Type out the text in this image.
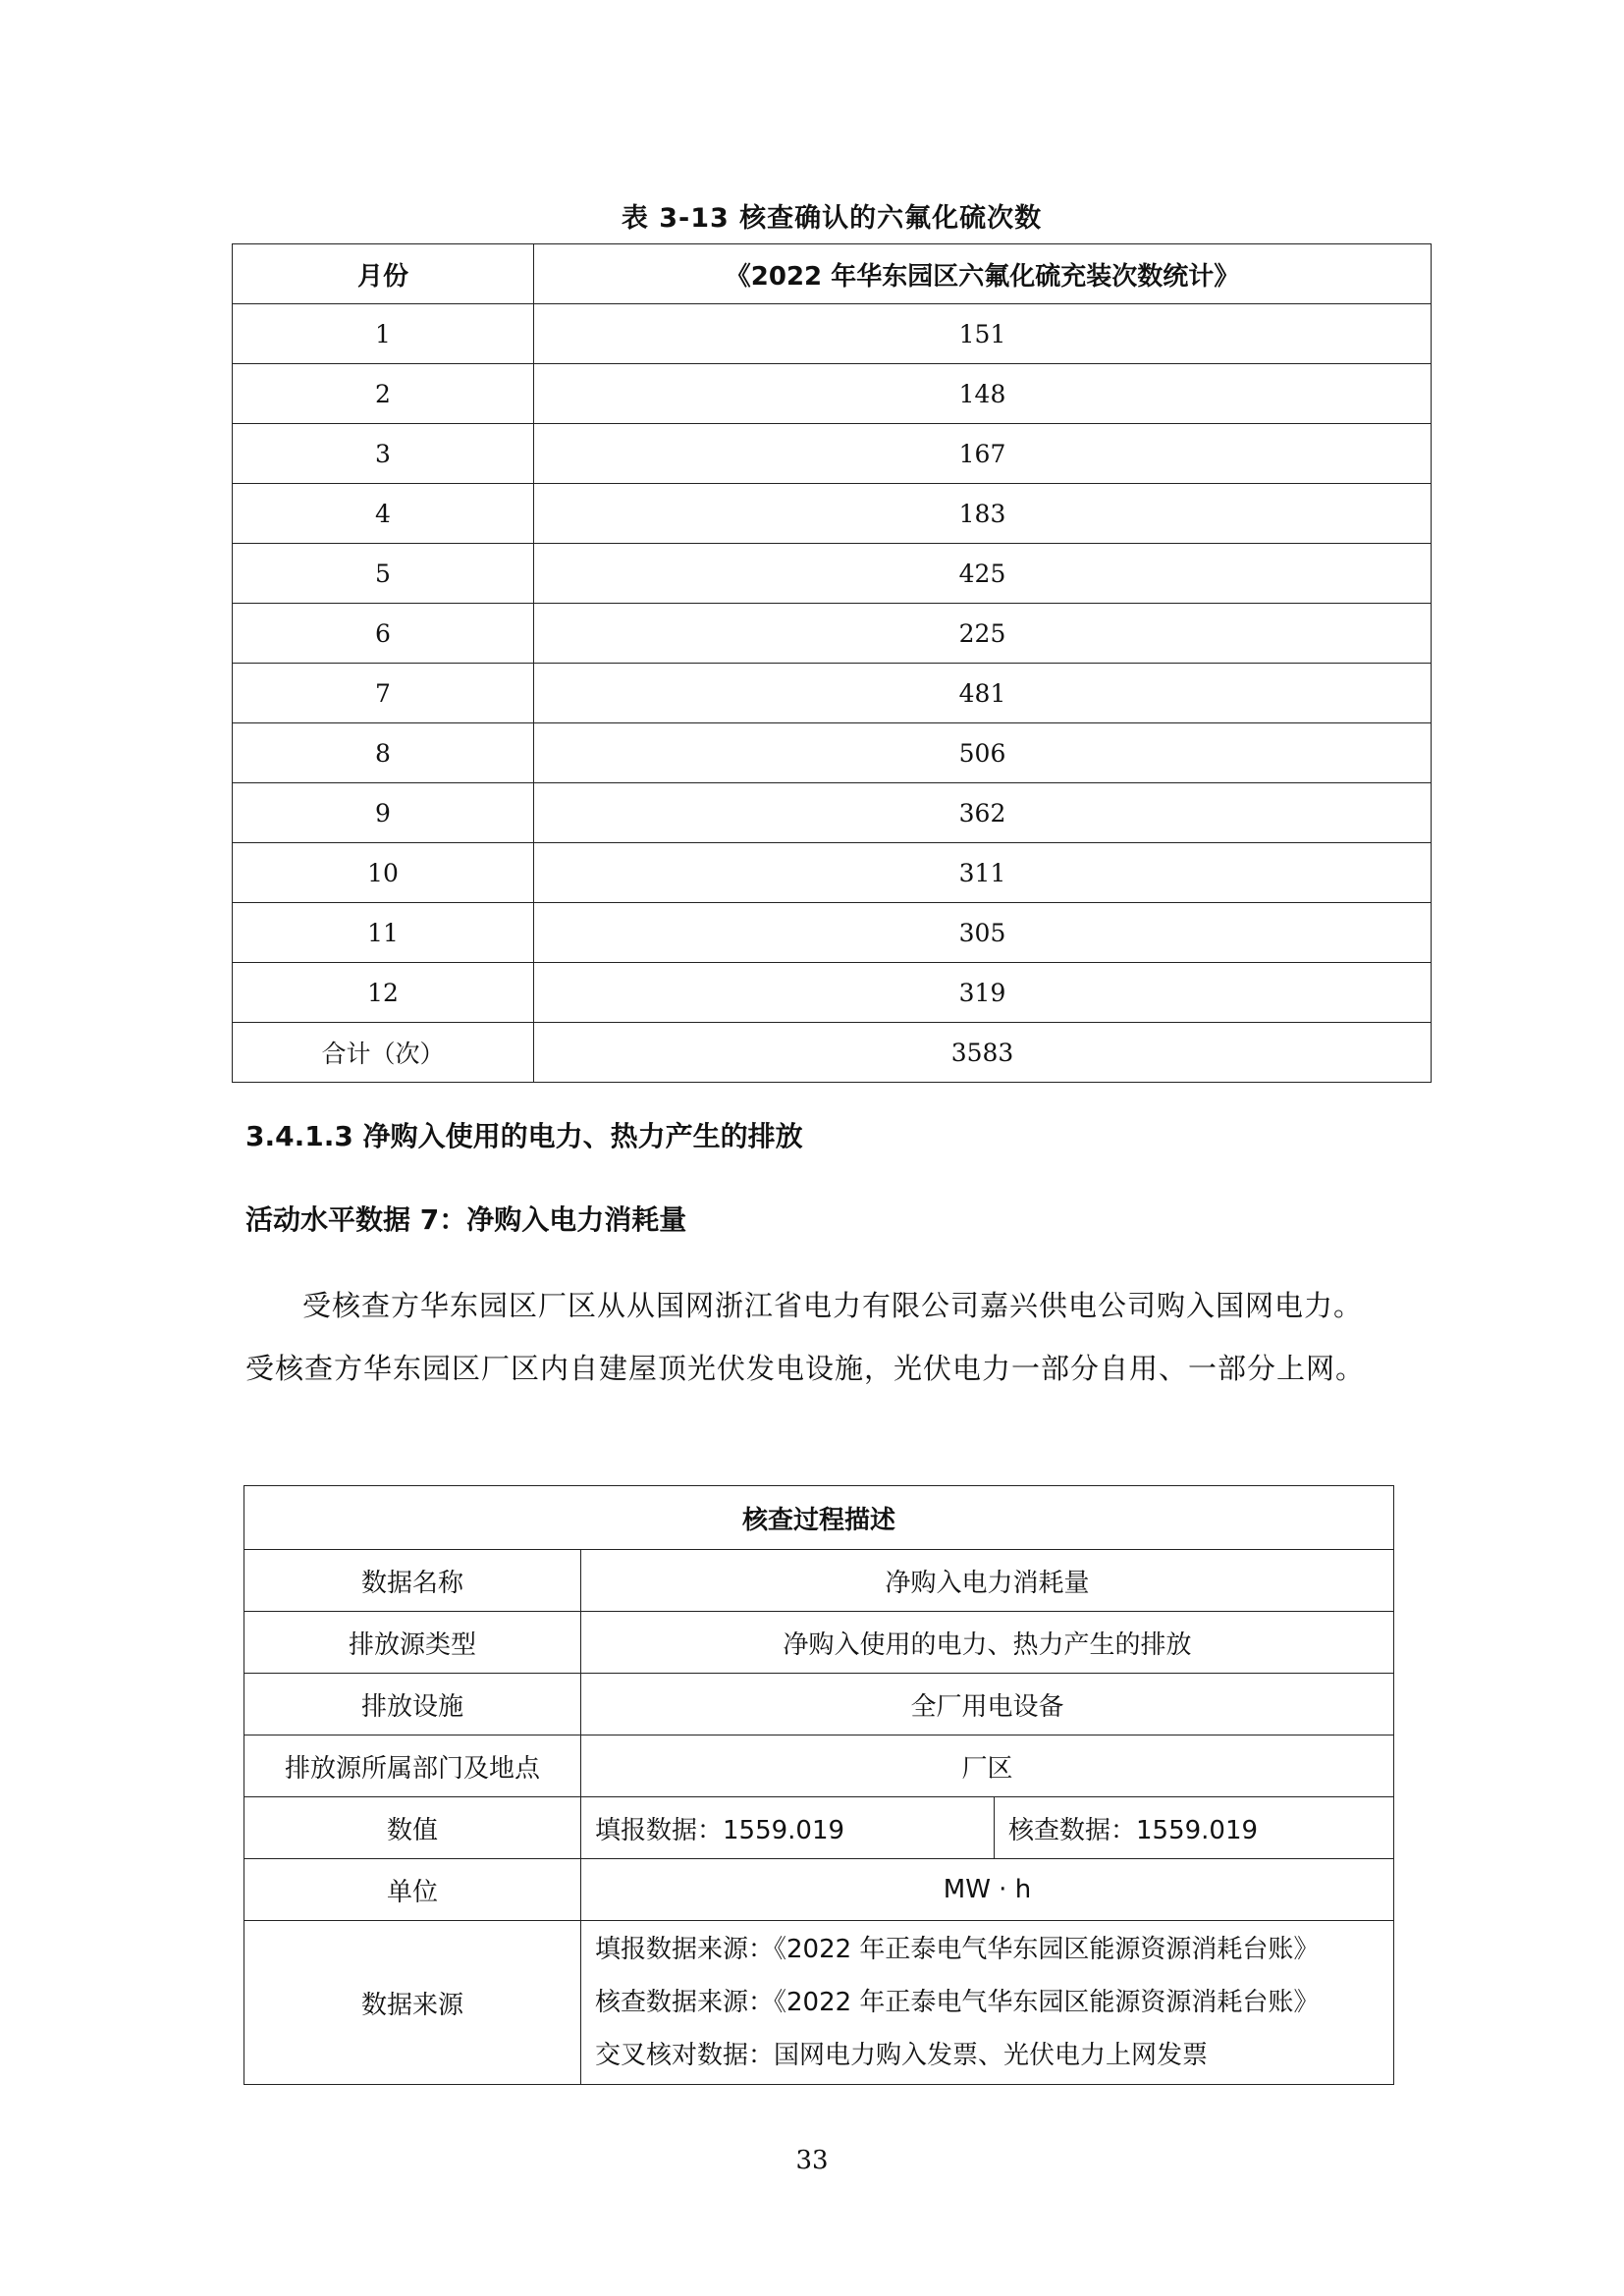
表 3-13 核查确认的六氟化硫次数
月份	《2022 年华东园区六氟化硫充装次数统计》
1	151
2	148
3	167
4	183
5	425
6	225
7	481
8	506
9	362
10	311
11	305
12	319
合计（次）	3583
3.4.1.3 净购入使用的电力、热力产生的排放
活动水平数据 7：净购入电力消耗量
受核查方华东园区厂区从从国网浙江省电力有限公司嘉兴供电公司购入国网电力。受核查方华东园区厂区内自建屋顶光伏发电设施，光伏电力一部分自用、一部分上网。
核查过程描述		
数据名称	净购入电力消耗量	
排放源类型	净购入使用的电力、热力产生的排放	
排放设施	全厂用电设备	
排放源所属部门及地点	厂区	
数值	填报数据：1559.019	核查数据：1559.019
单位	MW · h	
数据来源	填报数据来源：《2022 年正泰电气华东园区能源资源消耗台账》
核查数据来源：《2022 年正泰电气华东园区能源资源消耗台账》
交叉核对数据：国网电力购入发票、光伏电力上网发票	
33
